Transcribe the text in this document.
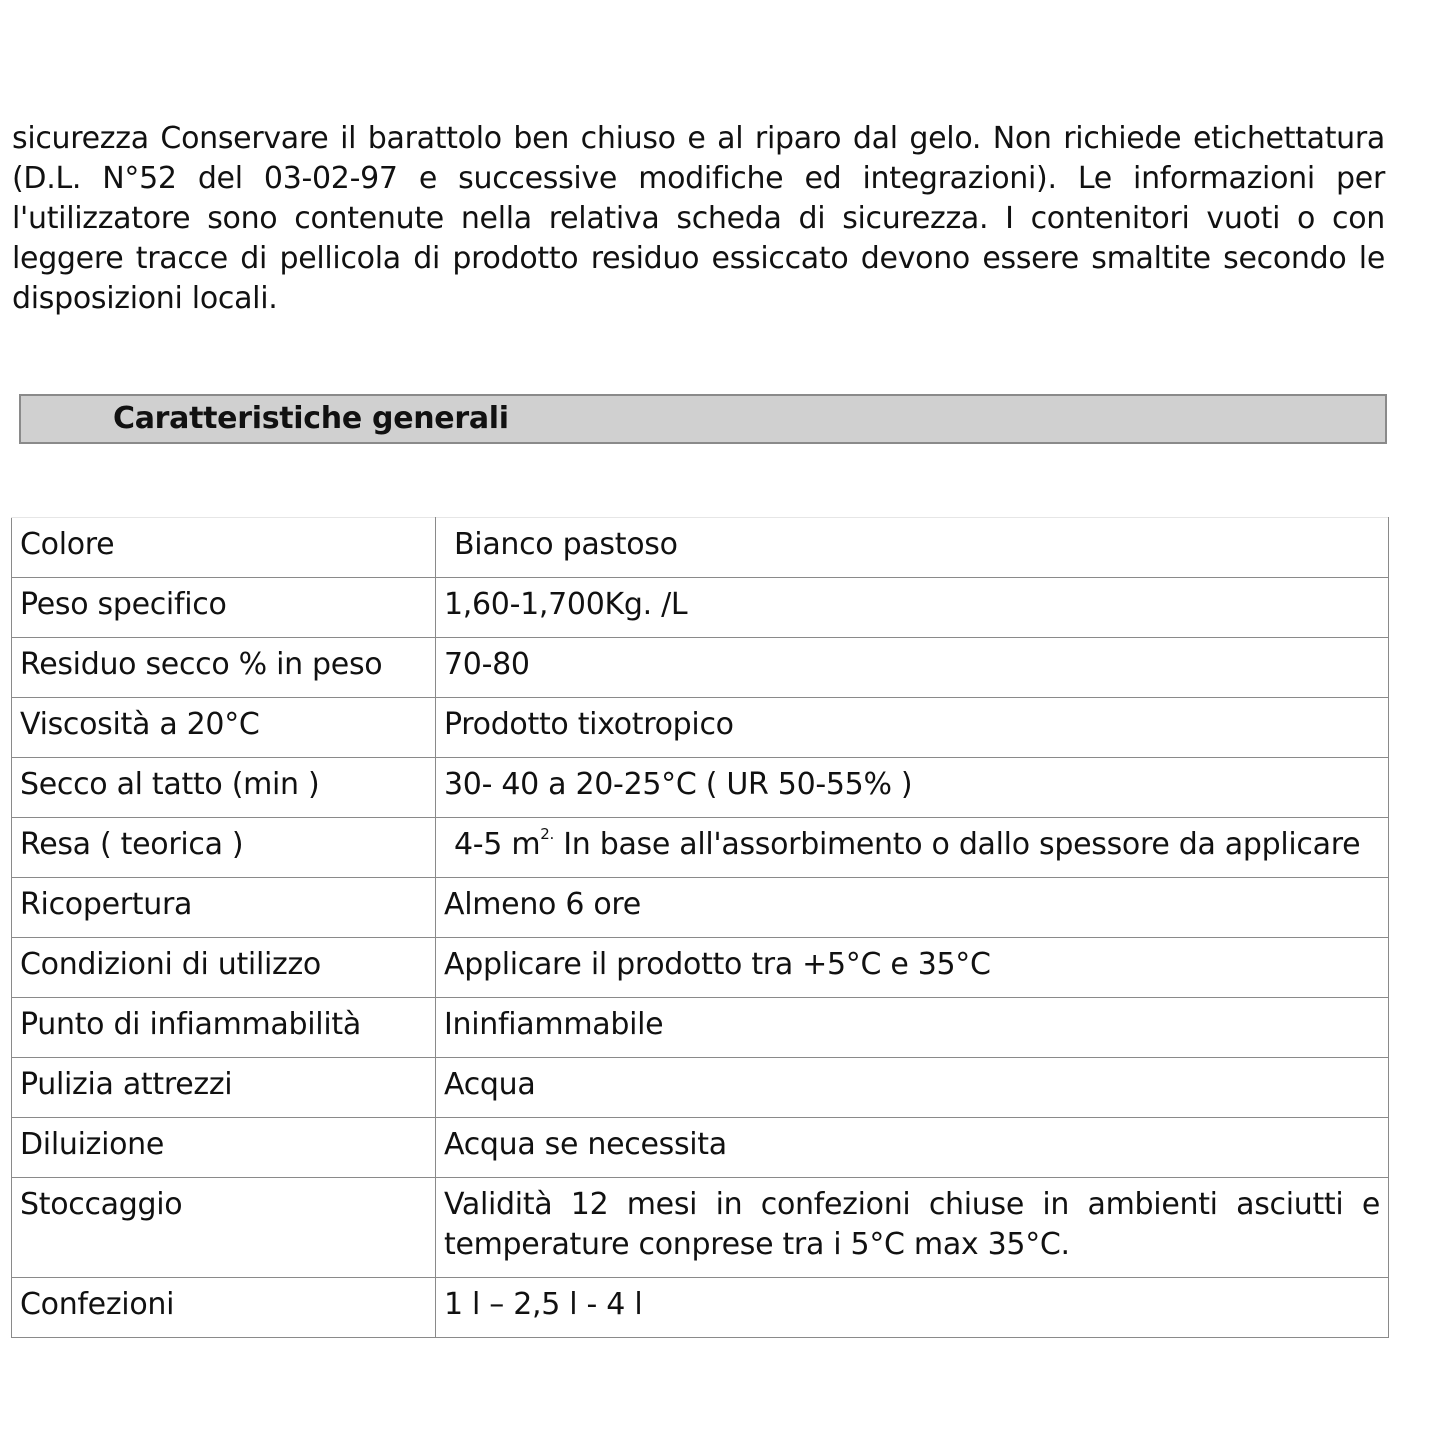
sicurezza Conservare il barattolo ben chiuso e al riparo dal gelo. Non richiede etichettatura (D.L. N°52 del 03-02-97 e successive modifiche ed integrazioni). Le informazioni per l'utilizzatore sono contenute nella relativa scheda di sicurezza. I contenitori vuoti o con leggere tracce di pellicola di prodotto residuo essiccato devono essere smaltite secondo le disposizioni locali.

Caratteristiche generali
Colore	Bianco pastoso
Peso specifico	1,60-1,700Kg. /L
Residuo secco % in peso	70-80
Viscosità a 20°C	Prodotto tixotropico
Secco al tatto (min )	30- 40 a 20-25°C ( UR 50-55% )
Resa ( teorica )	4-5 $m^{2.}$ In base all'assorbimento o dallo spessore da applicare
Ricopertura	Almeno 6 ore
Condizioni di utilizzo	Applicare il prodotto tra +5°C e 35°C
Punto di infiammabilità	Ininfiammabile
Pulizia attrezzi	Acqua
Diluizione	Acqua se necessita
Stoccaggio	Validità 12 mesi in confezioni chiuse in ambienti asciutti e temperature conprese tra i 5°C max 35°C.
Confezioni	1 l – 2,5 l - 4 l
